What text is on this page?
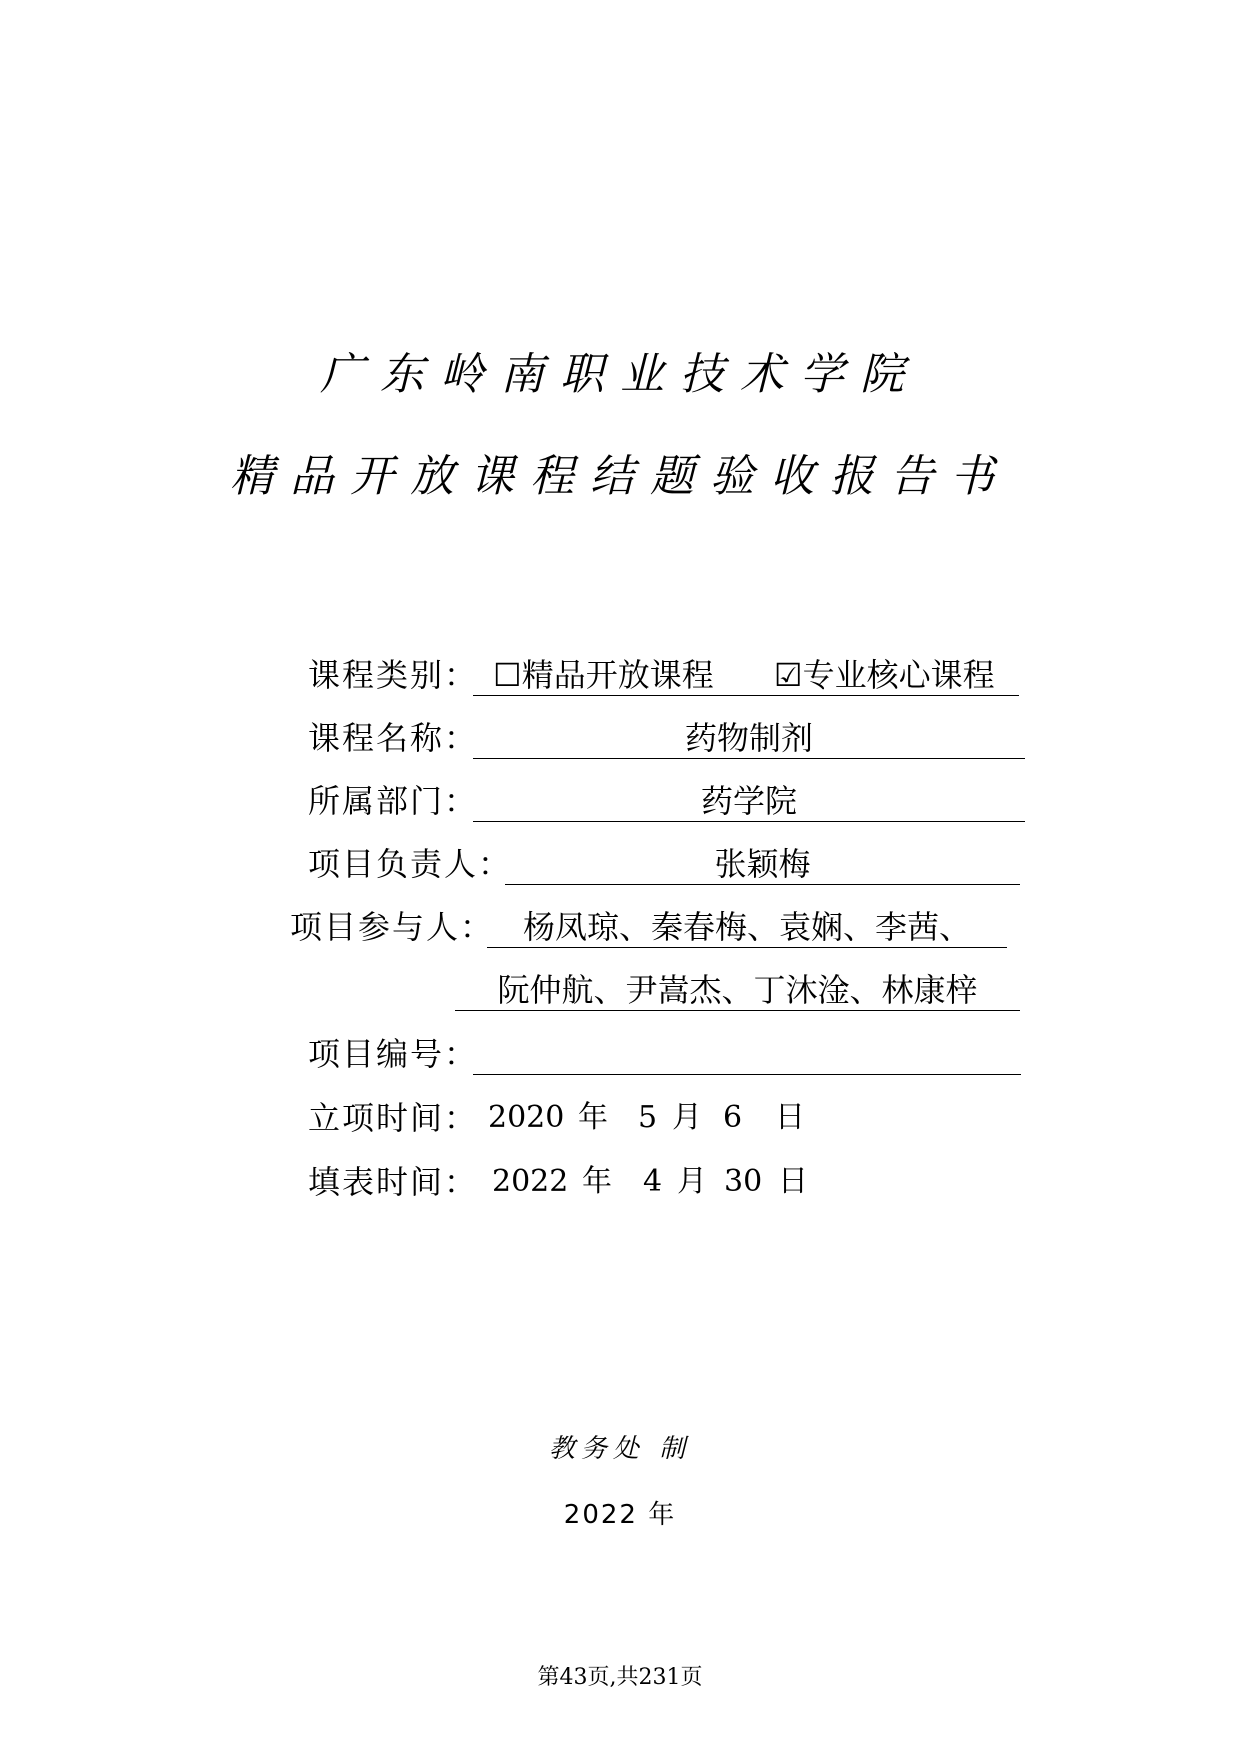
广东岭南职业技术学院
精品开放课程结题验收报告书
课程类别： ☐精品开放课程 ☑专业核心课程
课程名称：	药物制剂
所属部门：	药学院
项目负责人：	张颖梅
项目参与人： 杨凤琼、秦春梅、袁娴、李茜、
阮仲航、尹嵩杰、丁沐淦、林康梓
项目编号：
立项时间： 2020 年 5 月 6 日
填表时间： 2022 年 4 月 30 日
教务处 制
2022 年
第43页,共231页
